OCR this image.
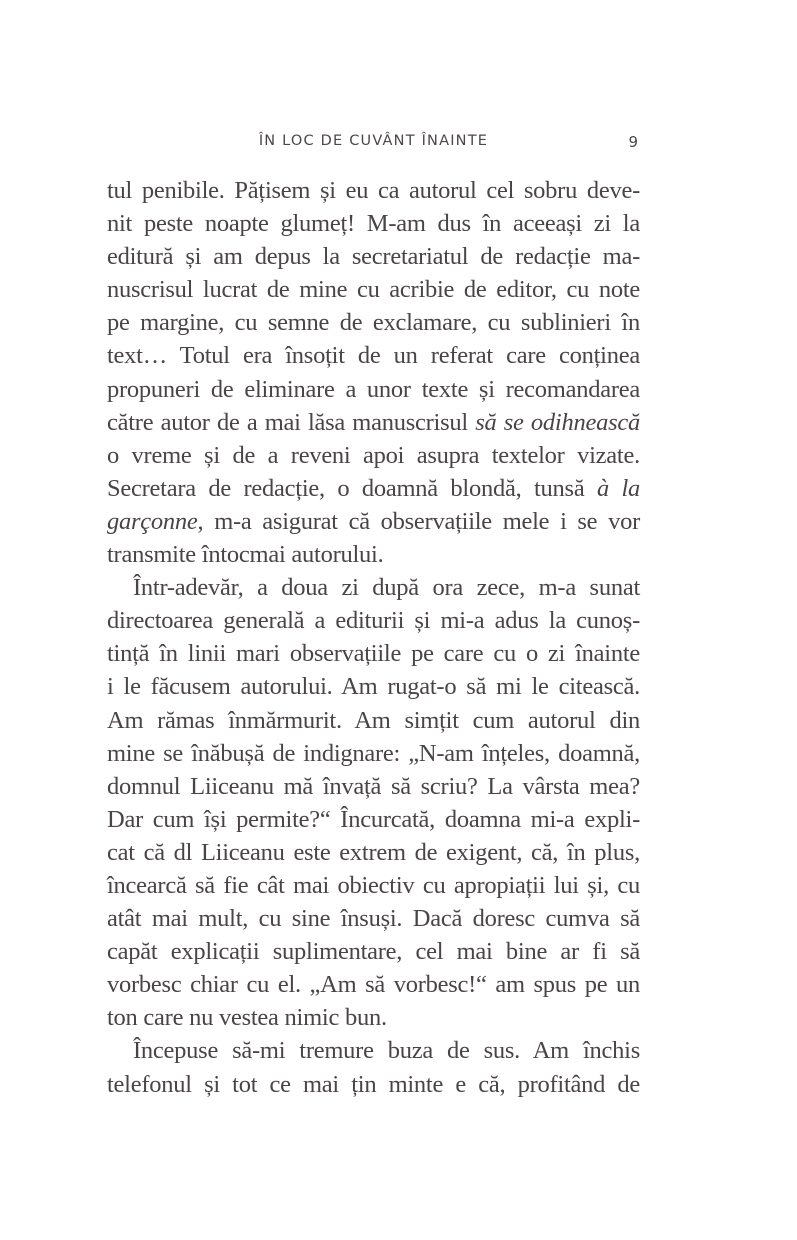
ÎN LOC DE CUVÂNT ÎNAINTE	9
tul penibile. Pățisem și eu ca autorul cel sobru deve-
nit peste noapte glumeț! M-am dus în aceeași zi la
editură și am depus la secretariatul de redacție ma-
nuscrisul lucrat de mine cu acribie de editor, cu note
pe margine, cu semne de exclamare, cu sublinieri în
text… Totul era însoțit de un referat care conținea
propuneri de eliminare a unor texte și recomandarea
către autor de a mai lăsa manuscrisul să se odihnească
o vreme și de a reveni apoi asupra textelor vizate.
Secretara de redacție, o doamnă blondă, tunsă à la
garçonne, m-a asigurat că observațiile mele i se vor
transmite întocmai autorului.
Într-adevăr, a doua zi după ora zece, m-a sunat
directoarea generală a editurii și mi-a adus la cunoș-
tință în linii mari observațiile pe care cu o zi înainte
i le făcusem autorului. Am rugat-o să mi le citească.
Am rămas înmărmurit. Am simțit cum autorul din
mine se înăbușă de indignare: „N-am înțeles, doamnă,
domnul Liiceanu mă învață să scriu? La vârsta mea?
Dar cum își permite?“ Încurcată, doamna mi-a expli-
cat că dl Liiceanu este extrem de exigent, că, în plus,
încearcă să fie cât mai obiectiv cu apropiații lui și, cu
atât mai mult, cu sine însuși. Dacă doresc cumva să
capăt explicații suplimentare, cel mai bine ar fi să
vorbesc chiar cu el. „Am să vorbesc!“ am spus pe un
ton care nu vestea nimic bun.
Începuse să-mi tremure buza de sus. Am închis
telefonul și tot ce mai țin minte e că, profitând de
